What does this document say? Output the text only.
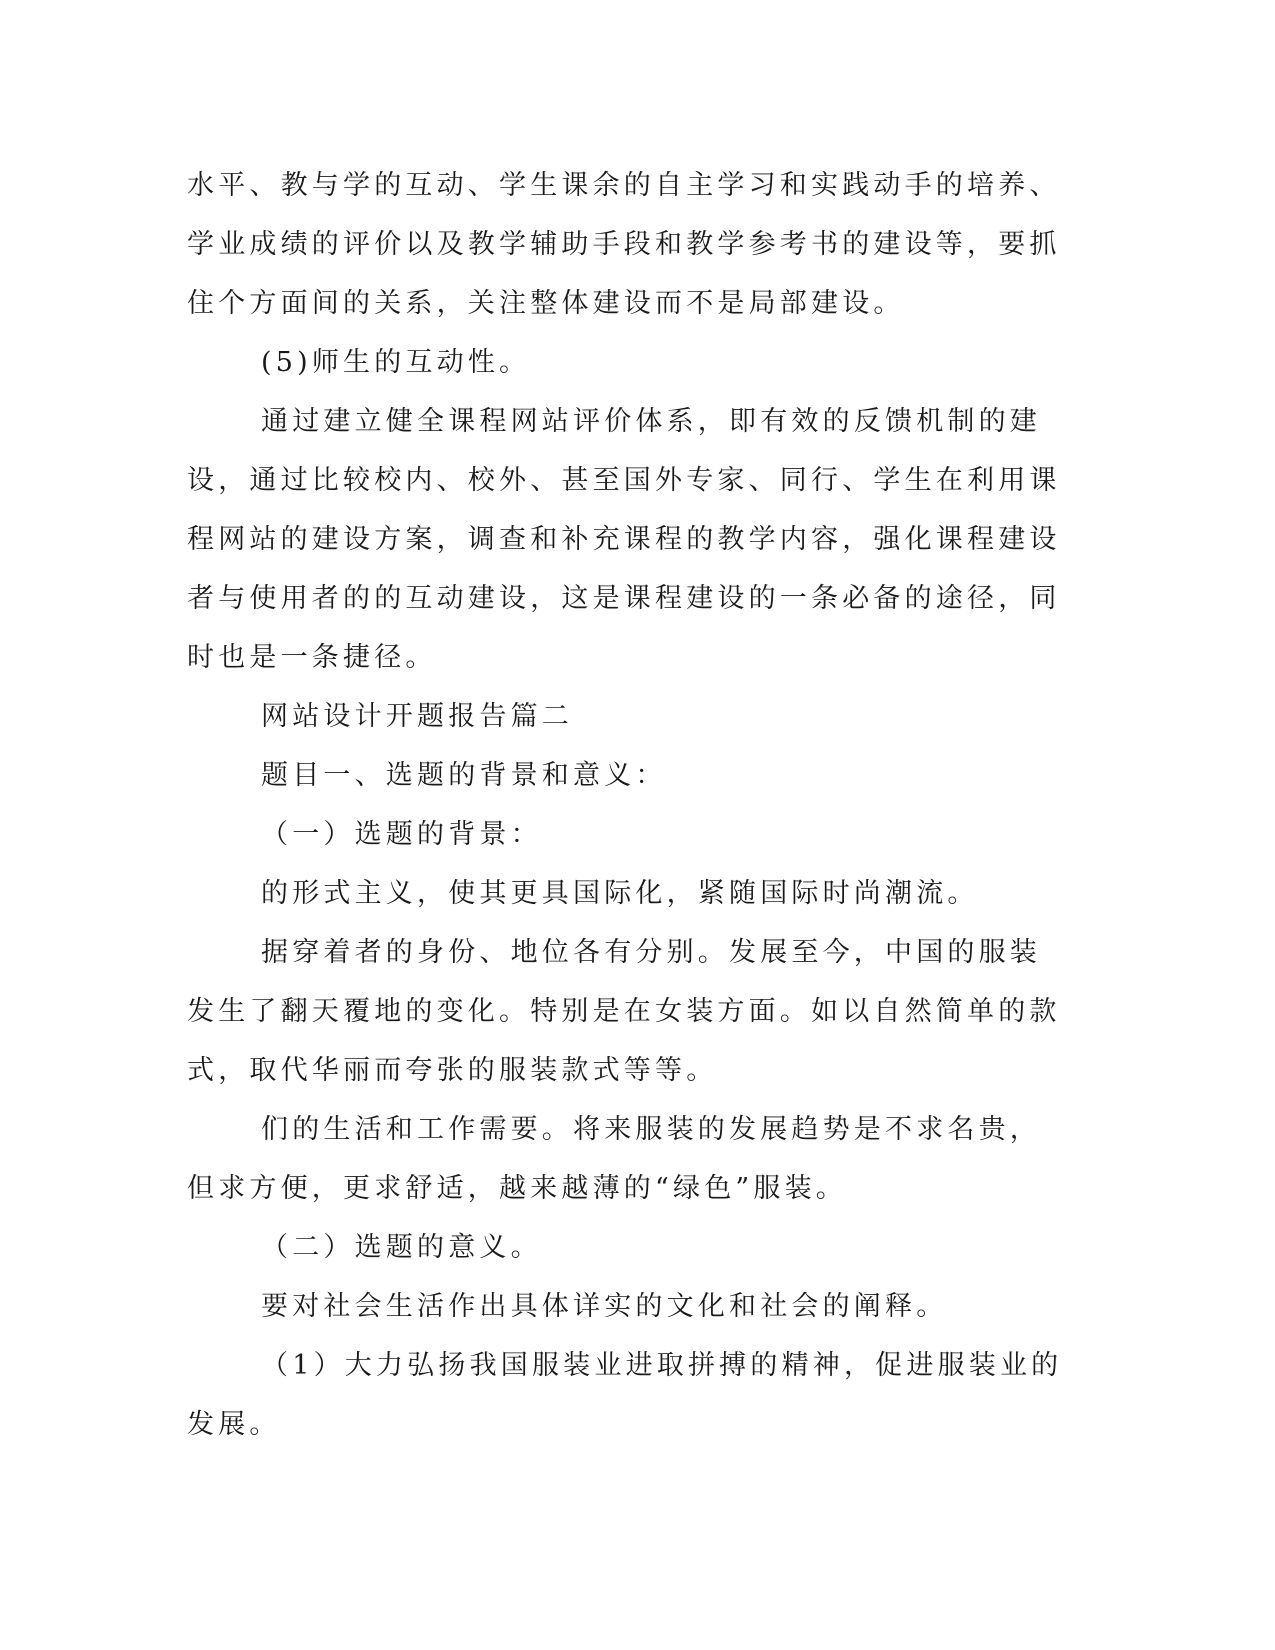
水平、教与学的互动、学生课余的自主学习和实践动手的培养、学业成绩的评价以及教学辅助手段和教学参考书的建设等，要抓住个方面间的关系，关注整体建设而不是局部建设。

(5)师生的互动性。

通过建立健全课程网站评价体系，即有效的反馈机制的建设，通过比较校内、校外、甚至国外专家、同行、学生在利用课程网站的建设方案，调查和补充课程的教学内容，强化课程建设者与使用者的的互动建设，这是课程建设的一条必备的途径，同时也是一条捷径。

网站设计开题报告篇二

题目一、选题的背景和意义：

（一）选题的背景：

的形式主义，使其更具国际化，紧随国际时尚潮流。

据穿着者的身份、地位各有分别。发展至今，中国的服装发生了翻天覆地的变化。特别是在女装方面。如以自然简单的款式，取代华丽而夸张的服装款式等等。

们的生活和工作需要。将来服装的发展趋势是不求名贵，但求方便，更求舒适，越来越薄的“绿色”服装。

（二）选题的意义。

要对社会生活作出具体详实的文化和社会的阐释。

（1）大力弘扬我国服装业进取拼搏的精神，促进服装业的发展。
